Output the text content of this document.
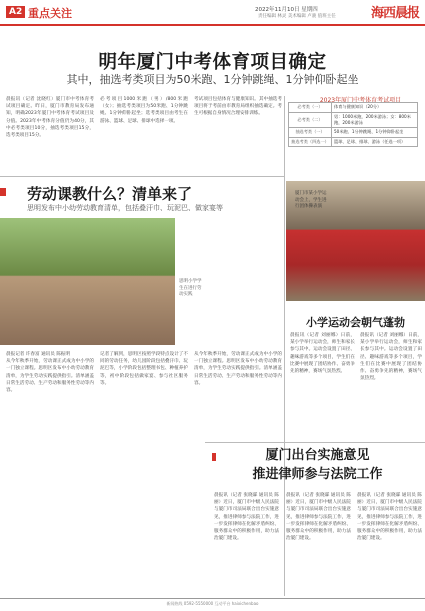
A2 重点关注	2022年11月10日 星期四
责任编辑 林灵 美术编辑 卢骏 值班主任	海西晨报
明年厦门中考体育项目确定
其中，抽选考类项目为50米跑、1分钟跳绳、1分钟仰卧起坐
晨报讯（记者 沈晓红）厦门市中考体育考试项目确定。昨日，厦门市教育局发布通知，明确2023年厦门中考体育考试项目及分值。2023年中考体育分值仍为40分，其中必考类项目10分，抽选考类项目15分，选考类项目15分。
必考项目1000米跑（男）/800米跑（女）；抽选考类项目为50米跑、1分钟跳绳、1分钟仰卧起坐；选考类项目由考生在游泳、篮球、足球、排球中选择一项。
考试项目包括体育与健康知识。其中抽选考项目将于考前由市教育局组织抽选确定。考生可根据自身情况合理安排训练。
2023年厦门中考体育考试项目
必考类（一）	体育与健康知识（20分）
必考类（二）	男：1000米跑，200米游泳；女：800米跑，200米游泳
抽选考类（一）	50米跑、1分钟跳绳、1分钟仰卧起坐
抽选考类（四选一）	篮球、足球、排球、游泳（任选一项）
劳动课教什么？清单来了
思明发布中小幼劳动教育清单，包括叠汗巾、玩泥巴、做家宴等
思明小学学生在进行劳动实践
晨报记者 许春富 通讯员 陈振明
从今年秋季开始，劳动课正式成为中小学的一门独立课程。思明区发布中小幼劳动教育清单，为学生劳动实践提供指引。清单涵盖日常生活劳动、生产劳动和服务性劳动等内容。
记者了解到，思明区按照学段特点设计了不同的劳动任务，幼儿园阶段包括叠汗巾、玩泥巴等，小学阶段包括整理书包、种植养护等，初中阶段包括做家宴、参与社区服务等。
从今年秋季开始，劳动课正式成为中小学的一门独立课程。思明区发布中小幼劳动教育清单，为学生劳动实践提供指引。清单涵盖日常生活劳动、生产劳动和服务性劳动等内容。
厦门市某小学运动会上，学生进行团体操表演
小学运动会朝气蓬勃
晨报讯（记者 刘丽娜）日前，某小学举行运动会，师生和家长参与其中。运动会设置了田径、趣味游戏等多个项目，学生们在比赛中展现了团结协作、奋勇争先的精神，赛场气氛热烈。
晨报讯（记者 刘丽娜）日前，某小学举行运动会，师生和家长参与其中。运动会设置了田径、趣味游戏等多个项目，学生们在比赛中展现了团结协作、奋勇争先的精神，赛场气氛热烈。
厦门出台实施意见
推进律师参与法院工作
晨报讯（记者 张晓霖 通讯员 陈丽）近日，厦门市中级人民法院与厦门市司法局联合出台实施意见，推进律师参与法院工作，进一步发挥律师在化解矛盾纠纷、服务群众中的积极作用，助力法治厦门建设。
晨报讯（记者 张晓霖 通讯员 陈丽）近日，厦门市中级人民法院与厦门市司法局联合出台实施意见，推进律师参与法院工作，进一步发挥律师在化解矛盾纠纷、服务群众中的积极作用，助力法治厦门建设。
晨报讯（记者 张晓霖 通讯员 陈丽）近日，厦门市中级人民法院与厦门市司法局联合出台实施意见，推进律师参与法院工作，进一步发挥律师在化解矛盾纠纷、服务群众中的积极作用，助力法治厦门建设。
新闻热线 0592-5550000 互动平台 haixichenbao
